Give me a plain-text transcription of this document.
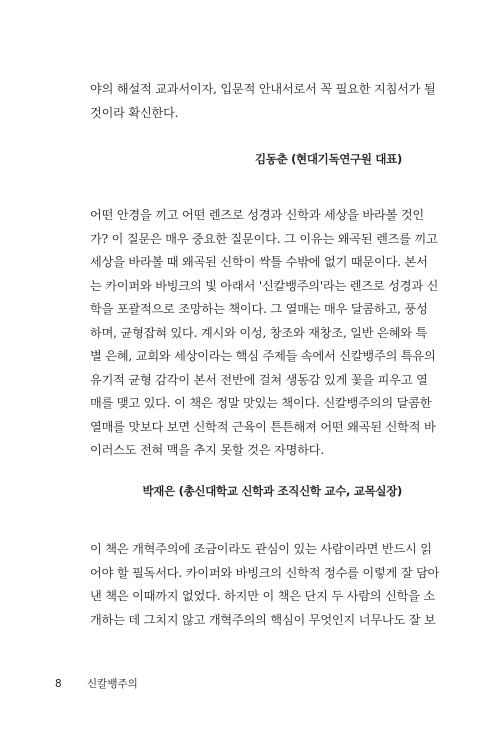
야의 해설적 교과서이자, 입문적 안내서로서 꼭 필요한 지침서가 될
것이라 확신한다.
김동춘 (현대기독연구원 대표)
어떤 안경을 끼고 어떤 렌즈로 성경과 신학과 세상을 바라볼 것인
가? 이 질문은 매우 중요한 질문이다. 그 이유는 왜곡된 렌즈를 끼고
세상을 바라볼 때 왜곡된 신학이 싹틀 수밖에 없기 때문이다. 본서
는 카이퍼와 바빙크의 빛 아래서 '신칼뱅주의'라는 렌즈로 성경과 신
학을 포괄적으로 조망하는 책이다. 그 열매는 매우 달콤하고, 풍성
하며, 균형잡혀 있다. 계시와 이성, 창조와 재창조, 일반 은혜와 특
별 은혜, 교회와 세상이라는 핵심 주제들 속에서 신칼뱅주의 특유의
유기적 균형 감각이 본서 전반에 걸쳐 생동감 있게 꽃을 피우고 열
매를 맺고 있다. 이 책은 정말 맛있는 책이다. 신칼뱅주의의 달콤한
열매를 맛보다 보면 신학적 근육이 튼튼해져 어떤 왜곡된 신학적 바
이러스도 전혀 맥을 추지 못할 것은 자명하다.
박재은 (총신대학교 신학과 조직신학 교수, 교목실장)
이 책은 개혁주의에 조금이라도 관심이 있는 사람이라면 반드시 읽
어야 할 필독서다. 카이퍼와 바빙크의 신학적 정수를 이렇게 잘 담아
낸 책은 이때까지 없었다. 하지만 이 책은 단지 두 사람의 신학을 소
개하는 데 그치지 않고 개혁주의의 핵심이 무엇인지 너무나도 잘 보
8 신칼뱅주의
